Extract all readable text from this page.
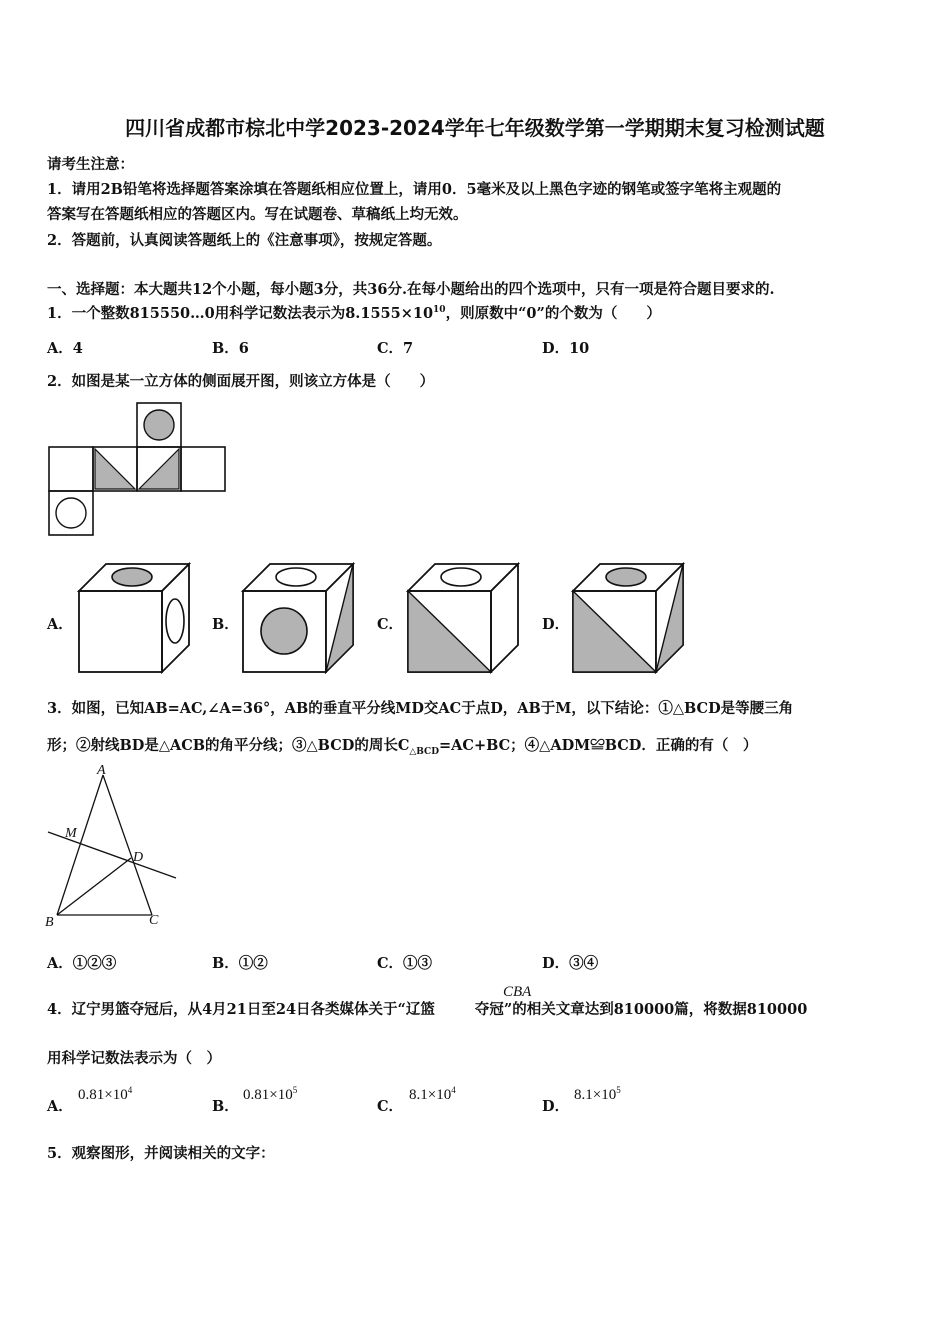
四川省成都市棕北中学2023-2024学年七年级数学第一学期期末复习检测试题
请考生注意：
1．请用2B铅笔将选择题答案涂填在答题纸相应位置上，请用0．5毫米及以上黑色字迹的钢笔或签字笔将主观题的
答案写在答题纸相应的答题区内。写在试题卷、草稿纸上均无效。
2．答题前，认真阅读答题纸上的《注意事项》，按规定答题。
一、选择题：本大题共12个小题，每小题3分，共36分.在每小题给出的四个选项中，只有一项是符合题目要求的.
1．一个整数815550…0用科学记数法表示为$8.1555\times 10^{10}$，则原数中“0”的个数为（　　）
A．4	B．6	C．7	D．10
2．如图是某一立方体的侧面展开图，则该立方体是（　　）
A．	B．	C．	D．
3．如图，已知AB=AC,∠A=36°，AB的垂直平分线MD交AC于点D，AB于M，以下结论：①△BCD是等腰三角
形；②射线BD是△ACB的角平分线；③△BCD的周长$C_{\triangle BCD}=AC+BC$；④△ADM≌BCD．正确的有（　）
A
M
D
B	C
A．①②③	B．①②	C．①③	D．③④
4．辽宁男篮夺冠后，从4月21日至24日各类媒体关于“辽篮	夺冠”的相关文章达到810000篇，将数据810000
CBA
用科学记数法表示为（　）
A．
$0.81\times 10^4$
B．
$0.81\times 10^5$
C．
$8.1\times 10^4$
D．
$8.1\times 10^5$
5．观察图形，并阅读相关的文字：
